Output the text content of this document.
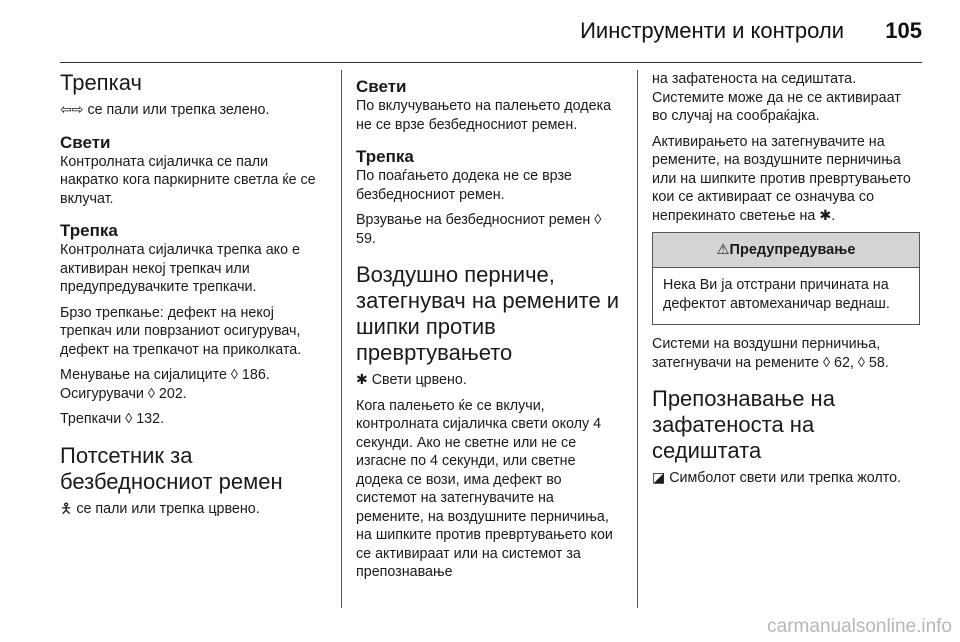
Иинструменти и контроли 105
Трепкач

⇦⇨ се пали или трепка зелено.

Свети

Контролната сијаличка се пали накратко кога паркирните светла ќе се вклучат.

Трепка

Контролната сијаличка трепка ако е активиран некој трепкач или предупредувачките трепкачи.

Брзо трепкање: дефект на некој трепкач или поврзаниот осигурувач, дефект на трепкачот на приколката.

Менување на сијалиците ◊ 186.

Осигурувачи ◊ 202.

Трепкачи ◊ 132.

Потсетник за безбедносниот ремен

🯅 се пали или трепка црвено.

Свети

По вклучувањето на палењето додека не се врзе безбедносниот ремен.

Трепка

По поаѓањето додека не се врзе безбедносниот ремен.

Врзување на безбедносниот ремен ◊ 59.

Воздушно перниче, затегнувач на ремените и шипки против превртувањето

✱ Свети црвено.

Кога палењето ќе се вклучи, контролната сијаличка свети околу 4 секунди. Ако не светне или не се изгасне по 4 секунди, или светне додека се вози, има дефект во системот на затегнувачите на ремените, на воздушните перничиња, на шипките против превртувањето кои се активираат или на системот за препознавање

на зафатеноста на седиштата. Системите може да не се активираат во случај на сообраќајка.

Активирањето на затегнувачите на ремените, на воздушните перничиња или на шипките против превртувањето кои се активираат се означува со непрекинато светење на ✱.

⚠Предупредување

Нека Ви ја отстрани причината на дефектот автомеханичар веднаш.

Системи на воздушни перничиња, затегнувачи на ремените ◊ 62, ◊ 58.

Препознавање на зафатеноста на седиштата

◪ Симболот свети или трепка жолто.

carmanualsonline.info
